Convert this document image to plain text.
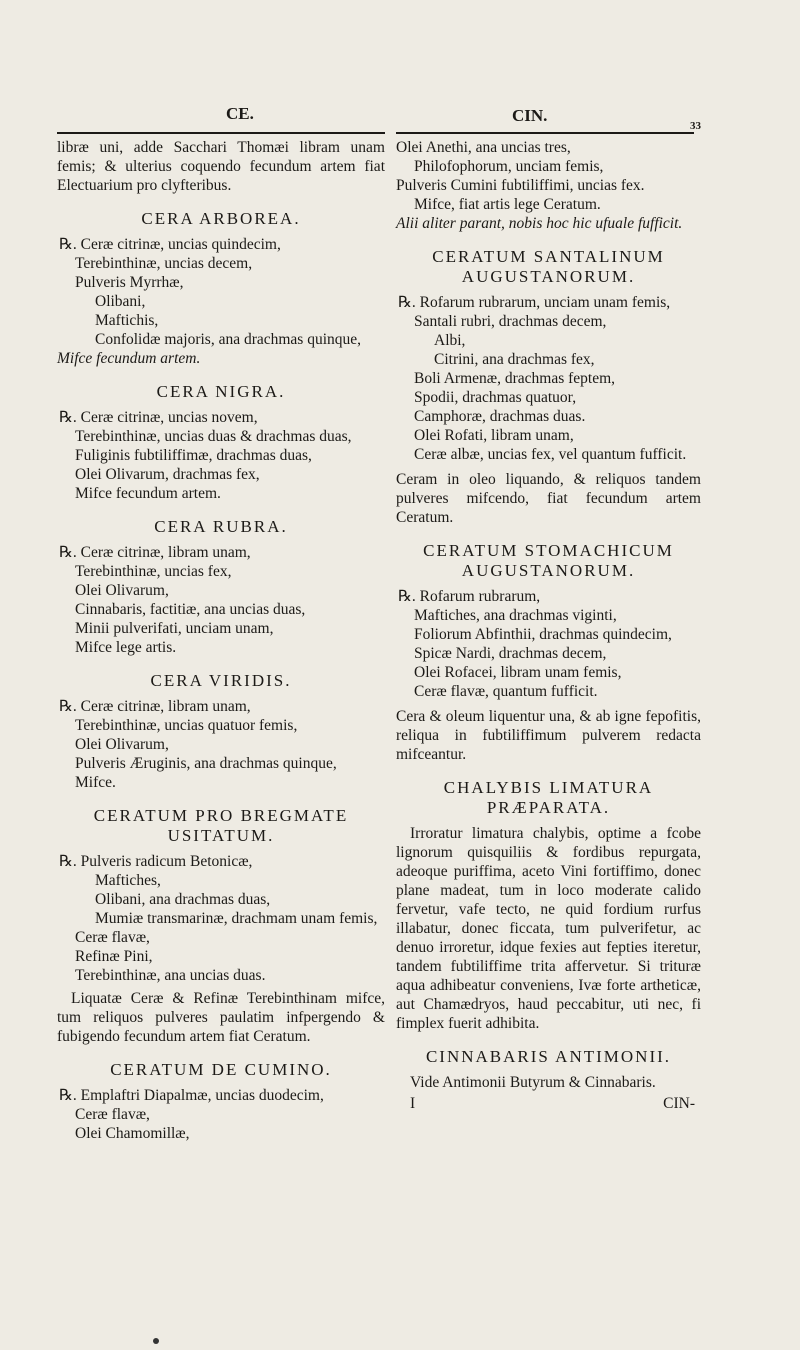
CE.	CIN.
33

libræ uni, adde Sacchari Thomæi libram unam femis; & ulterius coquendo fecundum artem fiat Electuarium pro clyfteribus.

CERA ARBOREA.

℞. Ceræ citrinæ, uncias quindecim,

Terebinthinæ, uncias decem,

Pulveris Myrrhæ,

Olibani,

Maftichis,

Confolidæ majoris, ana drachmas quinque,

Mifce fecundum artem.

CERA NIGRA.

℞. Ceræ citrinæ, uncias novem,

Terebinthinæ, uncias duas & drachmas duas,

Fuliginis fubtiliffimæ, drachmas duas,

Olei Olivarum, drachmas fex,

Mifce fecundum artem.

CERA RUBRA.

℞. Ceræ citrinæ, libram unam,

Terebinthinæ, uncias fex,

Olei Olivarum,

Cinnabaris, factitiæ, ana uncias duas,

Minii pulverifati, unciam unam,

Mifce lege artis.

CERA VIRIDIS.

℞. Ceræ citrinæ, libram unam,

Terebinthinæ, uncias quatuor femis,

Olei Olivarum,

Pulveris Æruginis, ana drachmas quinque,

Mifce.

CERATUM PRO BREGMATE
USITATUM.

℞. Pulveris radicum Betonicæ,

Maftiches,

Olibani, ana drachmas duas,

Mumiæ transmarinæ, drachmam unam femis,

Ceræ flavæ,

Refinæ Pini,

Terebinthinæ, ana uncias duas.

Liquatæ Ceræ & Refinæ Terebinthinam mifce, tum reliquos pulveres paulatim infpergendo & fubigendo fecundum artem fiat Ceratum.

CERATUM DE CUMINO.

℞. Emplaftri Diapalmæ, uncias duodecim,

Ceræ flavæ,

Olei Chamomillæ,

Olei Anethi, ana uncias tres,

Philofophorum, unciam femis,

Pulveris Cumini fubtiliffimi, uncias fex.

Mifce, fiat artis lege Ceratum.

Alii aliter parant, nobis hoc hic ufuale fufficit.

CERATUM SANTALINUM
AUGUSTANORUM.

℞. Rofarum rubrarum, unciam unam femis,

Santali rubri, drachmas decem,

Albi,

Citrini, ana drachmas fex,

Boli Armenæ, drachmas feptem,

Spodii, drachmas quatuor,

Camphoræ, drachmas duas.

Olei Rofati, libram unam,

Ceræ albæ, uncias fex, vel quantum fufficit.

Ceram in oleo liquando, & reliquos tandem pulveres mifcendo, fiat fecundum artem Ceratum.

CERATUM STOMACHICUM
AUGUSTANORUM.

℞. Rofarum rubrarum,

Maftiches, ana drachmas viginti,

Foliorum Abfinthii, drachmas quindecim,

Spicæ Nardi, drachmas decem,

Olei Rofacei, libram unam femis,

Ceræ flavæ, quantum fufficit.

Cera & oleum liquentur una, & ab igne fepofitis, reliqua in fubtiliffimum pulverem redacta mifceantur.

CHALYBIS LIMATURA
PRÆPARATA.

Irroratur limatura chalybis, optime a fcobe lignorum quisquiliis & fordibus repurgata, adeoque puriffima, aceto Vini fortiffimo, donec plane madeat, tum in loco moderate calido fervetur, vafe tecto, ne quid fordium rurfus illabatur, donec ficcata, tum pulverifetur, ac denuo irroretur, idque fexies aut fepties iteretur, tandem fubtiliffime trita affervetur. Si trituræ aqua adhibeatur conveniens, Ivæ forte artheticæ, aut Chamædryos, haud peccabitur, uti nec, fi fimplex fuerit adhibita.

CINNABARIS ANTIMONII.

Vide Antimonii Butyrum & Cinnabaris.

I	CIN-
